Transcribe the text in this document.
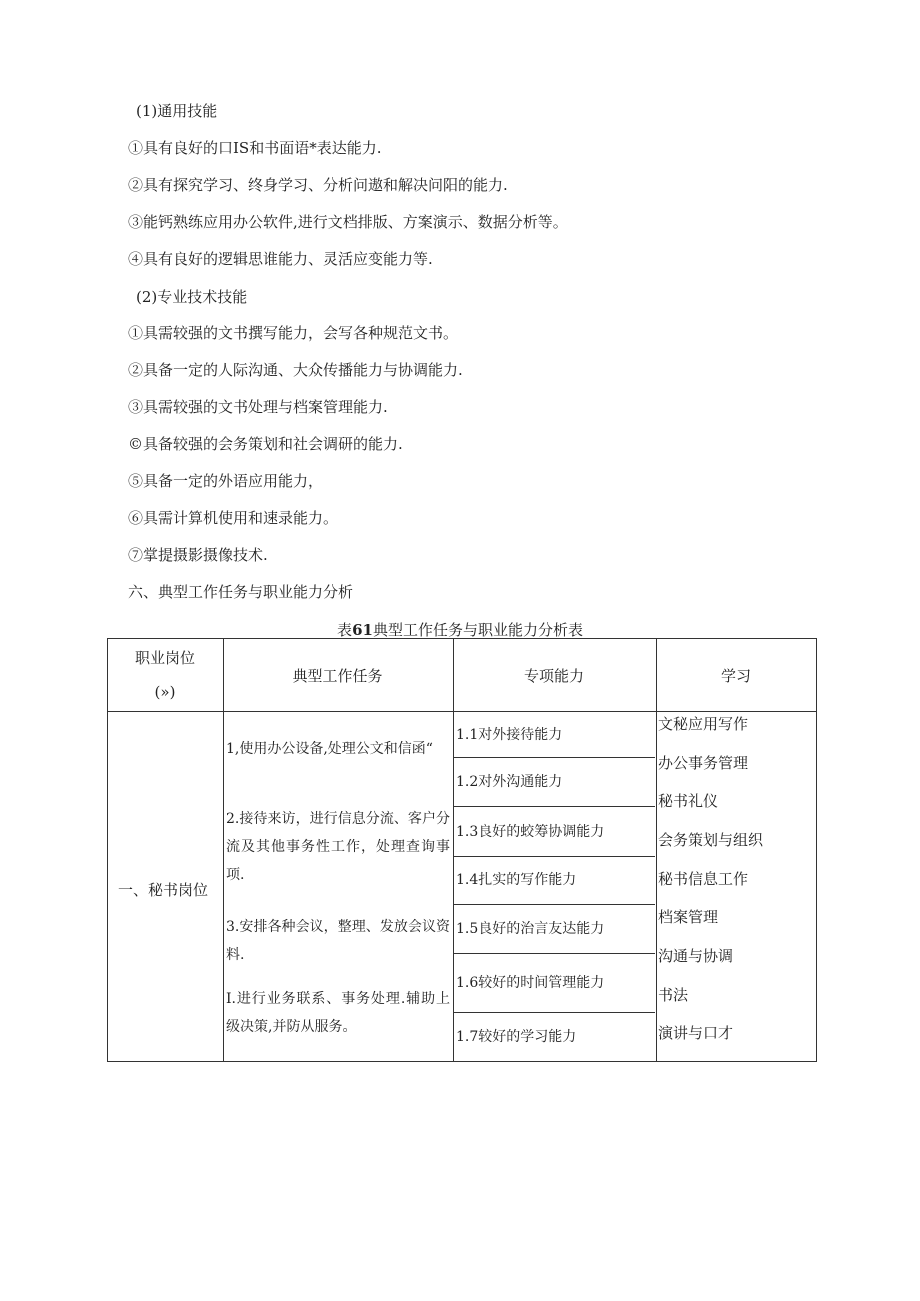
(1)通用技能
①具有良好的口IS和书面语*表达能力.
②具有探究学习、终身学习、分析问遨和解决问阳的能力.
③能钙熟练应用办公软件,进行文档排版、方案演示、数据分析等。
④具有良好的逻辑思谁能力、灵活应变能力等.
(2)专业技术技能
①具需较强的文书撰写能力，会写各种规范文书。
②具备一定的人际沟通、大众传播能力与协调能力.
③具需较强的文书处理与档案管理能力.
©具备较强的会务策划和社会调研的能力.
⑤具备一定的外语应用能力，
⑥具需计算机使用和速录能力。
⑦掌提摄影摄像技术.
六、典型工作任务与职业能力分析
表61典型工作任务与职业能力分析表
职业岗位
(»)
典型工作任务	专项能力	学习
一、秘书岗位
1,使用办公设备,处理公文和信函“
2.接待来访，进行信息分流、客户分流及其他事务性工作，处理查询事项.
3.安排各种会议，整理、发放会议资料.
I.进行业务联系、事务处理.辅助上级决策,并防从服务。
1.1对外接待能力
1.2对外沟通能力
1.3良好的蛟筹协调能力
1.4扎实的写作能力
1.5良好的治言友达能力
1.6较好的时间管理能力
1.7较好的学习能力
文秘应用写作
办公事务管理
秘书礼仪
会务策划与组织
秘书信息工作
档案管理
沟通与协调
书法
演讲与口才
